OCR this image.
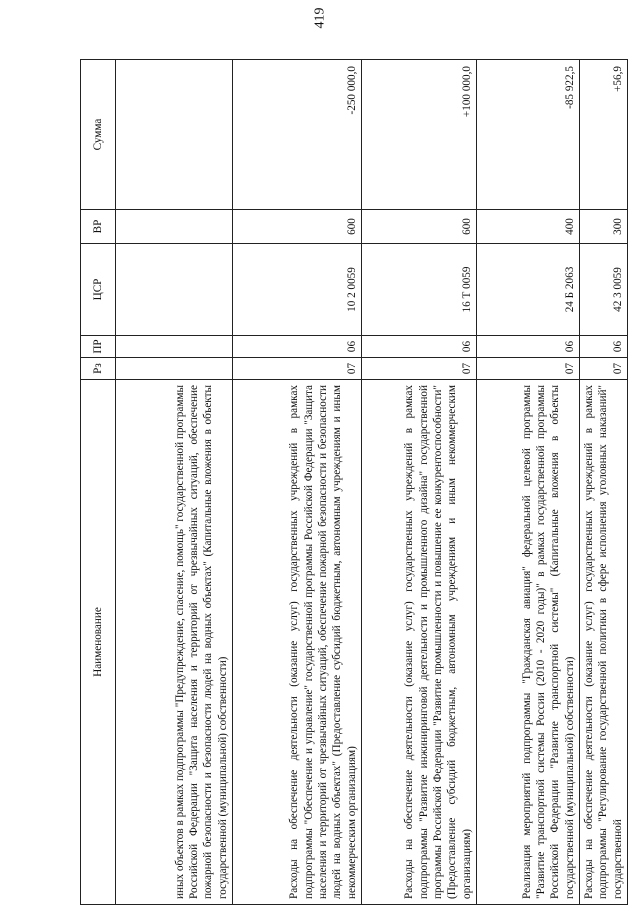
419
Наименование	Рз	ПР	ЦСР	ВР	Сумма
иных объектов в рамках подпрограммы "Предупреждение, спасение, помощь" государственной программы Российской Федерации "Защита населения и территорий от чрезвычайных ситуаций, обеспечение пожарной безопасности и безопасности людей на водных объектах" (Капитальные вложения в объекты государственной (муниципальной) собственности)					
Расходы на обеспечение деятельности (оказание услуг) государственных учреждений в рамках подпрограммы "Обеспечение и управление" государственной программы Российской Федерации "Защита населения и территорий от чрезвычайных ситуаций, обеспечение пожарной безопасности и безопасности людей на водных объектах" (Предоставление субсидий бюджетным, автономным учреждениям и иным некоммерческим организациям)	07	06	10 2 0059	600	-250 000,0
Расходы на обеспечение деятельности (оказание услуг) государственных учреждений в рамках подпрограммы "Развитие инжиниринговой деятельности и промышленного дизайна" государственной программы Российской Федерации "Развитие промышленности и повышение ее конкурентоспособности" (Предоставление субсидий бюджетным, автономным учреждениям и иным некоммерческим организациям)	07	06	16 Т 0059	600	+100 000,0
Реализация мероприятий подпрограммы "Гражданская авиация" федеральной целевой программы "Развитие транспортной системы России (2010 - 2020 годы)" в рамках государственной программы Российской Федерации "Развитие транспортной системы" (Капитальные вложения в объекты государственной (муниципальной) собственности)	07	06	24 Б 2063	400	-85 922,5
Расходы на обеспечение деятельности (оказание услуг) государственных учреждений в рамках подпрограммы "Регулирование государственной политики в сфере исполнения уголовных наказаний" государственной	07	06	42 3 0059	300	+56,9
